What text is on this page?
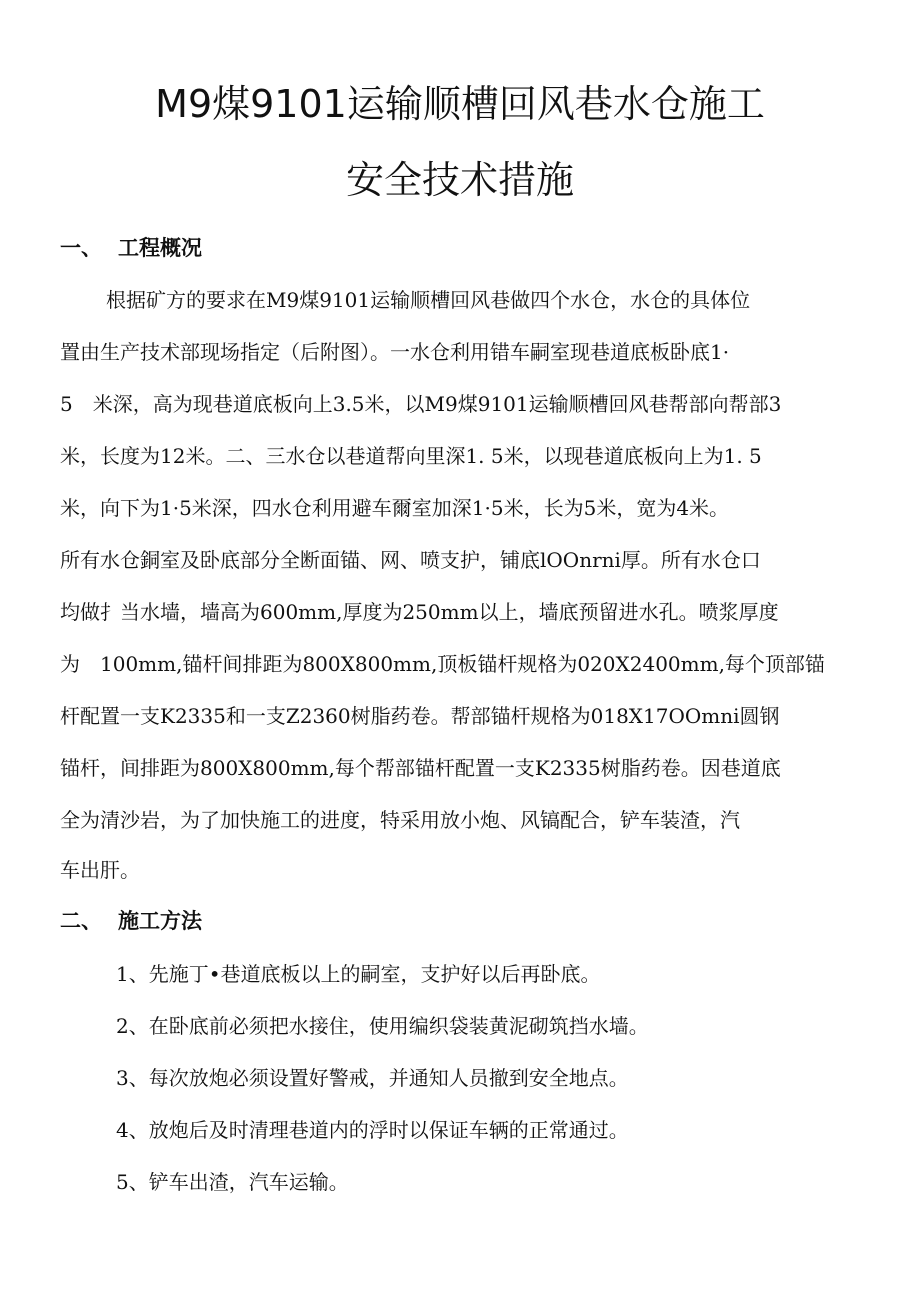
M9煤9101运输顺槽回风巷水仓施工
安全技术措施
一、 工程概况
根据矿方的要求在M9煤9101运输顺槽回风巷做四个水仓，水仓的具体位
置由生产技术部现场指定（后附图）。一水仓利用错车嗣室现巷道底板卧底1·
5　米深，高为现巷道底板向上3.5米，以M9煤9101运输顺槽回风巷帮部向帮部3
米，长度为12米。二、三水仓以巷道帮向里深1. 5米，以现巷道底板向上为1. 5
米，向下为1·5米深，四水仓利用避车爾室加深1·5米，长为5米，宽为4米。
所有水仓銅室及卧底部分全断面锚、网、喷支护，铺底lOOnrni厚。所有水仓口
均做扌当水墙，墙高为600mm,厚度为250mm以上，墙底预留进水孔。喷浆厚度
为　100mm,锚杆间排距为800X800mm,顶板锚杆规格为020X2400mm,每个顶部锚
杆配置一支K2335和一支Z2360树脂药卷。帮部锚杆规格为018X17OOmni圆钢
锚杆，间排距为800X800mm,每个帮部锚杆配置一支K2335树脂药卷。因巷道底
全为清沙岩，为了加快施工的进度，特采用放小炮、风镐配合，铲车装渣，汽
车出肝。
二、 施工方法
1、先施丁•巷道底板以上的嗣室，支护好以后再卧底。
2、在卧底前必须把水接住，使用编织袋装黄泥砌筑挡水墙。
3、每次放炮必须设置好警戒，并通知人员撤到安全地点。
4、放炮后及时清理巷道内的浮时以保证车辆的正常通过。
5、铲车出渣，汽车运输。
